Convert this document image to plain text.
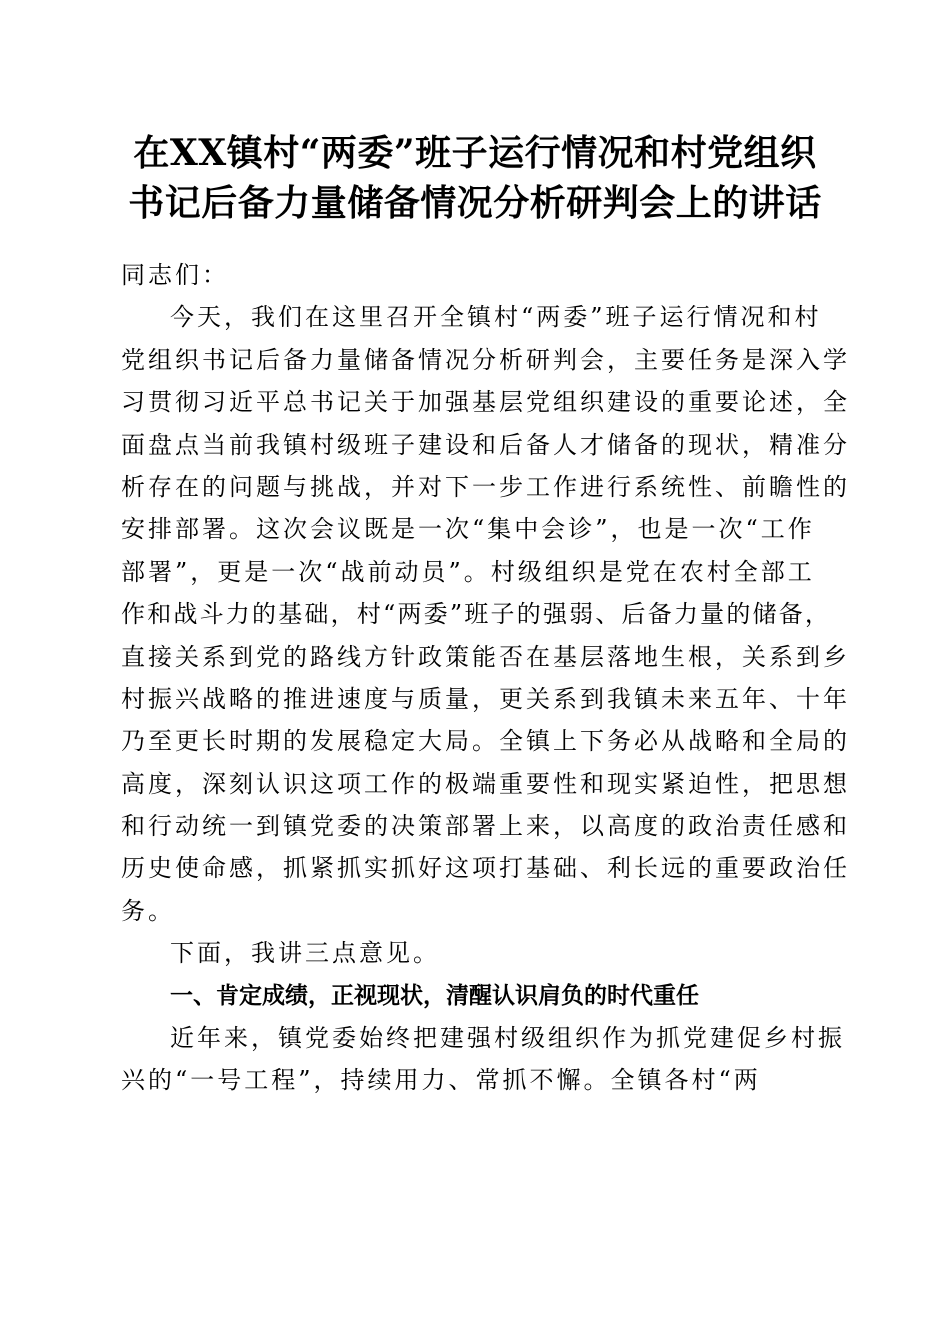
在XX镇村“两委”班子运行情况和村党组织
书记后备力量储备情况分析研判会上的讲话
同志们：
今天，我们在这里召开全镇村“两委”班子运行情况和村
党组织书记后备力量储备情况分析研判会，主要任务是深入学
习贯彻习近平总书记关于加强基层党组织建设的重要论述，全
面盘点当前我镇村级班子建设和后备人才储备的现状，精准分
析存在的问题与挑战，并对下一步工作进行系统性、前瞻性的
安排部署。这次会议既是一次“集中会诊”，也是一次“工作
部署”，更是一次“战前动员”。村级组织是党在农村全部工
作和战斗力的基础，村“两委”班子的强弱、后备力量的储备，
直接关系到党的路线方针政策能否在基层落地生根，关系到乡
村振兴战略的推进速度与质量，更关系到我镇未来五年、十年
乃至更长时期的发展稳定大局。全镇上下务必从战略和全局的
高度，深刻认识这项工作的极端重要性和现实紧迫性，把思想
和行动统一到镇党委的决策部署上来，以高度的政治责任感和
历史使命感，抓紧抓实抓好这项打基础、利长远的重要政治任
务。
下面，我讲三点意见。
一、肯定成绩，正视现状，清醒认识肩负的时代重任
近年来，镇党委始终把建强村级组织作为抓党建促乡村振
兴的“一号工程”，持续用力、常抓不懈。全镇各村“两
